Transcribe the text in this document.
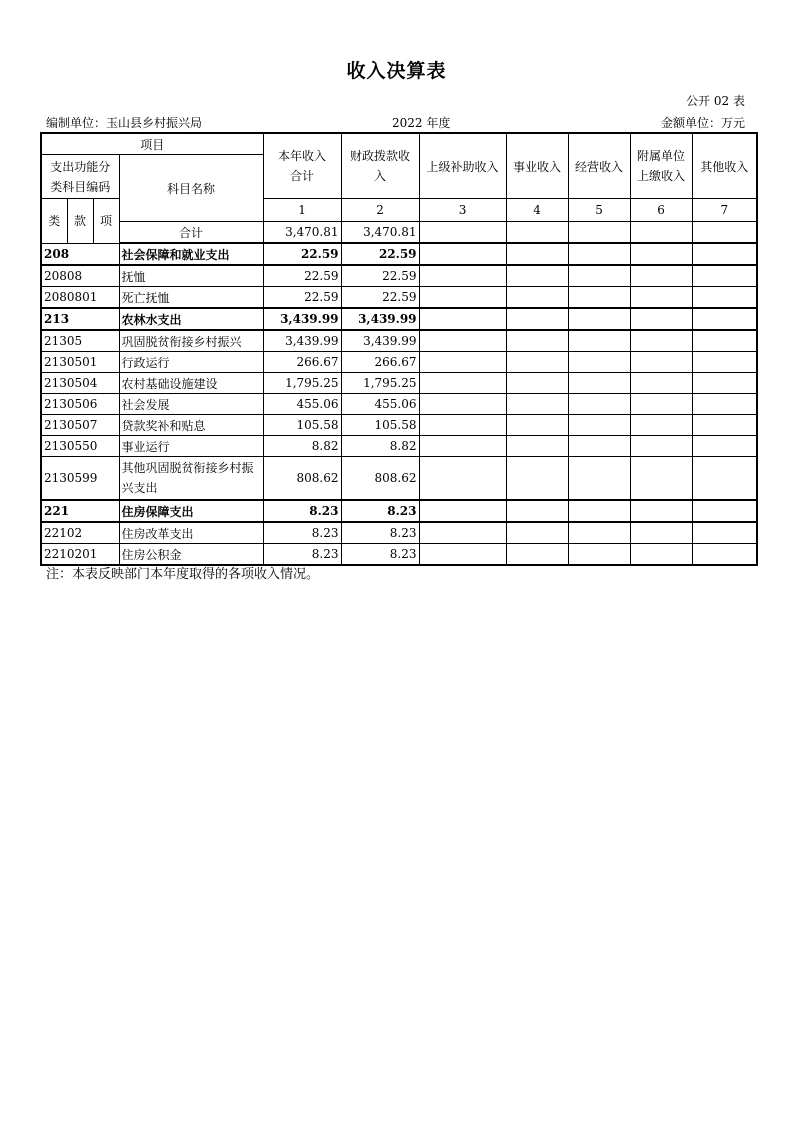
收入决算表
公开 02 表
编制单位：玉山县乡村振兴局	2022 年度	金额单位：万元
项目				本年收入合计	财政拨款收入	上级补助收入	事业收入	经营收入	附属单位上缴收入	其他收入
支出功能分类科目编码			科目名称							
类	款	项		1	2	3	4	5	6	7
			合计	3,470.81	3,470.81					
208			社会保障和就业支出	22.59	22.59					
20808			抚恤	22.59	22.59					
2080801			死亡抚恤	22.59	22.59					
213			农林水支出	3,439.99	3,439.99					
21305			巩固脱贫衔接乡村振兴	3,439.99	3,439.99					
2130501			行政运行	266.67	266.67					
2130504			农村基础设施建设	1,795.25	1,795.25					
2130506			社会发展	455.06	455.06					
2130507			贷款奖补和贴息	105.58	105.58					
2130550			事业运行	8.82	8.82					
2130599			其他巩固脱贫衔接乡村振兴支出	808.62	808.62					
221			住房保障支出	8.23	8.23					
22102			住房改革支出	8.23	8.23					
2210201			住房公积金	8.23	8.23					
注：本表反映部门本年度取得的各项收入情况。
